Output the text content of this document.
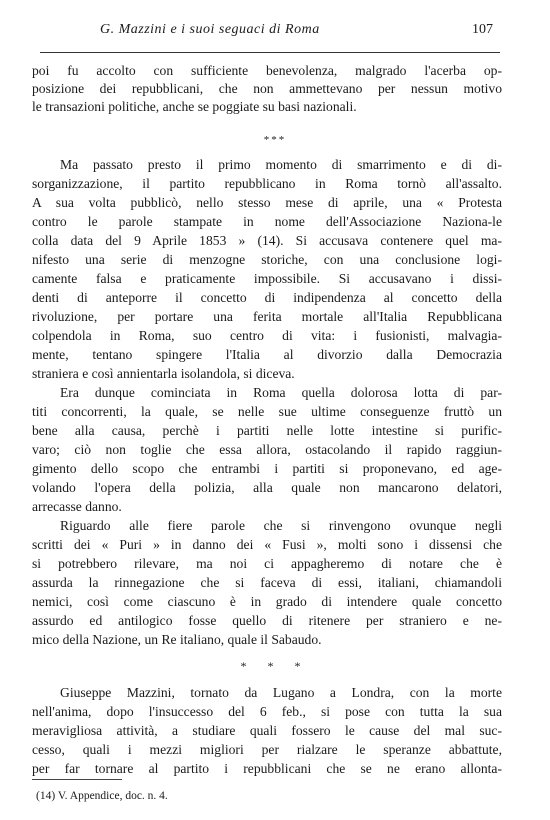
G. Mazzini e i suoi seguaci di Roma	107
poi fu accolto con sufficiente benevolenza, malgrado l'acerba op-
posizione dei repubblicani, che non ammettevano per nessun motivo
le transazioni politiche, anche se poggiate su basi nazionali.
***
Ma passato presto il primo momento di smarrimento e di di-
sorganizzazione, il partito repubblicano in Roma tornò all'assalto.
A sua volta pubblicò, nello stesso mese di aprile, una « Protesta
contro le parole stampate in nome dell'Associazione Naziona-le
colla data del 9 Aprile 1853 » (14). Si accusava contenere quel ma-
nifesto una serie di menzogne storiche, con una conclusione logi-
camente falsa e praticamente impossibile. Si accusavano i dissi-
denti di anteporre il concetto di indipendenza al concetto della
rivoluzione, per portare una ferita mortale all'Italia Repubblicana
colpendola in Roma, suo centro di vita: i fusionisti, malvagia-
mente, tentano spingere l'Italia al divorzio dalla Democrazia
straniera e così annientarla isolandola, si diceva.
Era dunque cominciata in Roma quella dolorosa lotta di par-
titi concorrenti, la quale, se nelle sue ultime conseguenze fruttò un
bene alla causa, perchè i partiti nelle lotte intestine si purific-
varo; ciò non toglie che essa allora, ostacolando il rapido raggiun-
gimento dello scopo che entrambi i partiti si proponevano, ed age-
volando l'opera della polizia, alla quale non mancarono delatori,
arrecasse danno.
Riguardo alle fiere parole che si rinvengono ovunque negli
scritti dei « Puri » in danno dei « Fusi », molti sono i dissensi che
si potrebbero rilevare, ma noi ci appagheremo di notare che è
assurda la rinnegazione che si faceva di essi, italiani, chiamandoli
nemici, così come ciascuno è in grado di intendere quale concetto
assurdo ed antilogico fosse quello di ritenere per straniero e ne-
mico della Nazione, un Re italiano, quale il Sabaudo.
* * *
Giuseppe Mazzini, tornato da Lugano a Londra, con la morte
nell'anima, dopo l'insuccesso del 6 feb., si pose con tutta la sua
meravigliosa attività, a studiare quali fossero le cause del mal suc-
cesso, quali i mezzi migliori per rialzare le speranze abbattute,
per far tornare al partito i repubblicani che se ne erano allonta-
(14) V. Appendice, doc. n. 4.
